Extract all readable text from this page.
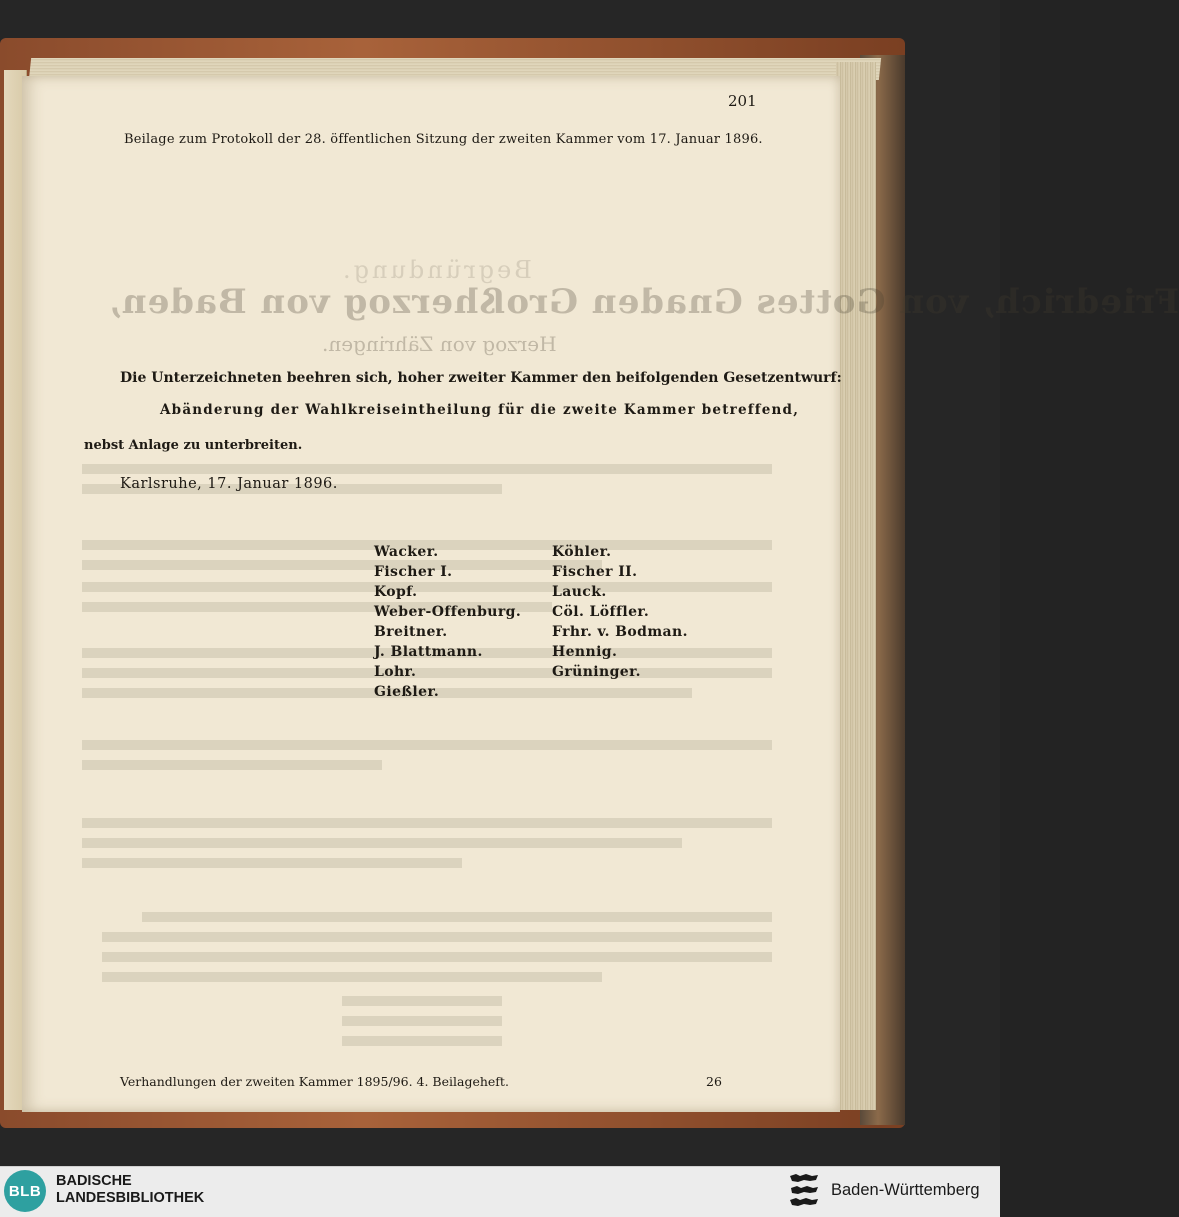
Begründung.
Friedrich, von Gottes Gnaden Großherzog von Baden,
Herzog von Zähringen.
201
Beilage zum Protokoll der 28. öffentlichen Sitzung der zweiten Kammer vom 17. Januar 1896.
Die Unterzeichneten beehren sich, hoher zweiter Kammer den beifolgenden Gesetzentwurf:
Abänderung der Wahlkreiseintheilung für die zweite Kammer betreffend,
nebst Anlage zu unterbreiten.
Karlsruhe, 17. Januar 1896.
Wacker.
Fischer I.
Kopf.
Weber-Offenburg.
Breitner.
J. Blattmann.
Lohr.
Gießler.
Köhler.
Fischer II.
Lauck.
Cöl. Löffler.
Frhr. v. Bodman.
Hennig.
Grüninger.
Verhandlungen der zweiten Kammer 1895/96. 4. Beilageheft.	26
BLB
BADISCHE
LANDESBIBLIOTHEK	Baden-Württemberg
